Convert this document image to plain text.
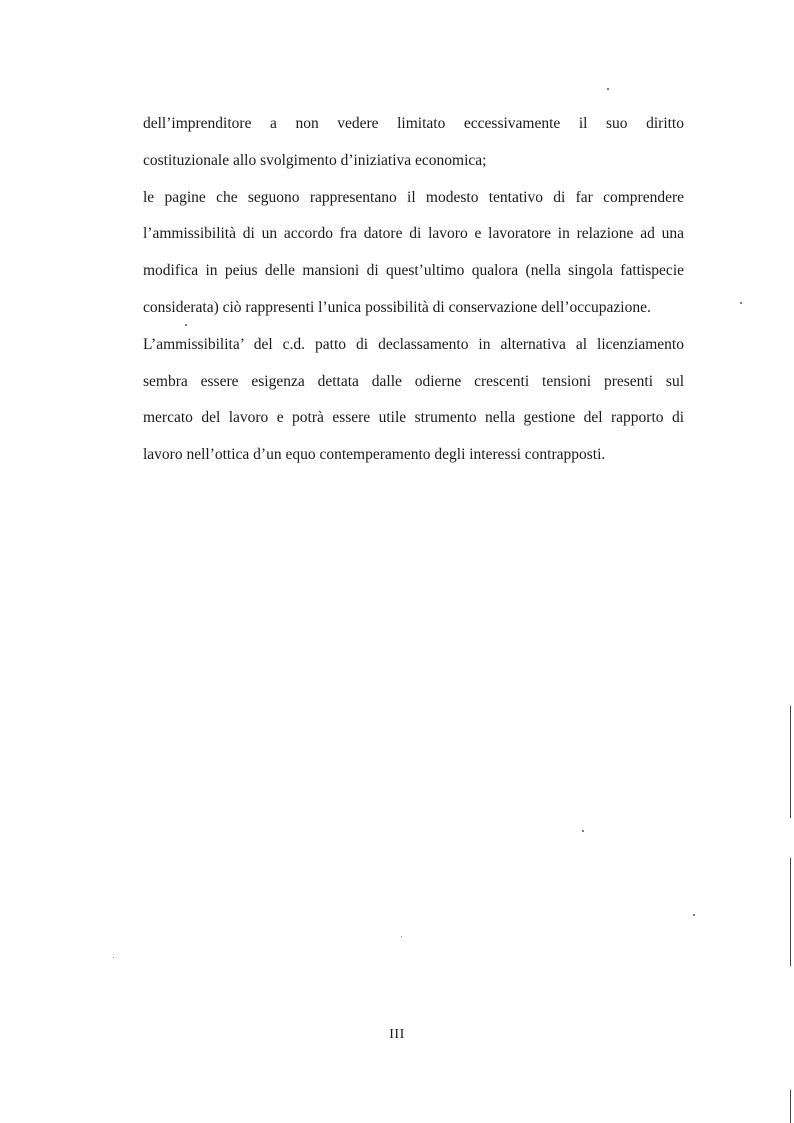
dell’imprenditore a non vedere limitato eccessivamente il suo diritto
costituzionale allo svolgimento d’iniziativa economica;
le pagine che seguono rappresentano il modesto tentativo di far comprendere
l’ammissibilità di un accordo fra datore di lavoro e lavoratore in relazione ad una
modifica in peius delle mansioni di quest’ultimo qualora (nella singola fattispecie
considerata) ciò rappresenti l’unica possibilità di conservazione dell’occupazione.
L’ammissibilita’ del c.d. patto di declassamento in alternativa al licenziamento
sembra essere esigenza dettata dalle odierne crescenti tensioni presenti sul
mercato del lavoro e potrà essere utile strumento nella gestione del rapporto di
lavoro nell’ottica d’un equo contemperamento degli interessi contrapposti.
III
